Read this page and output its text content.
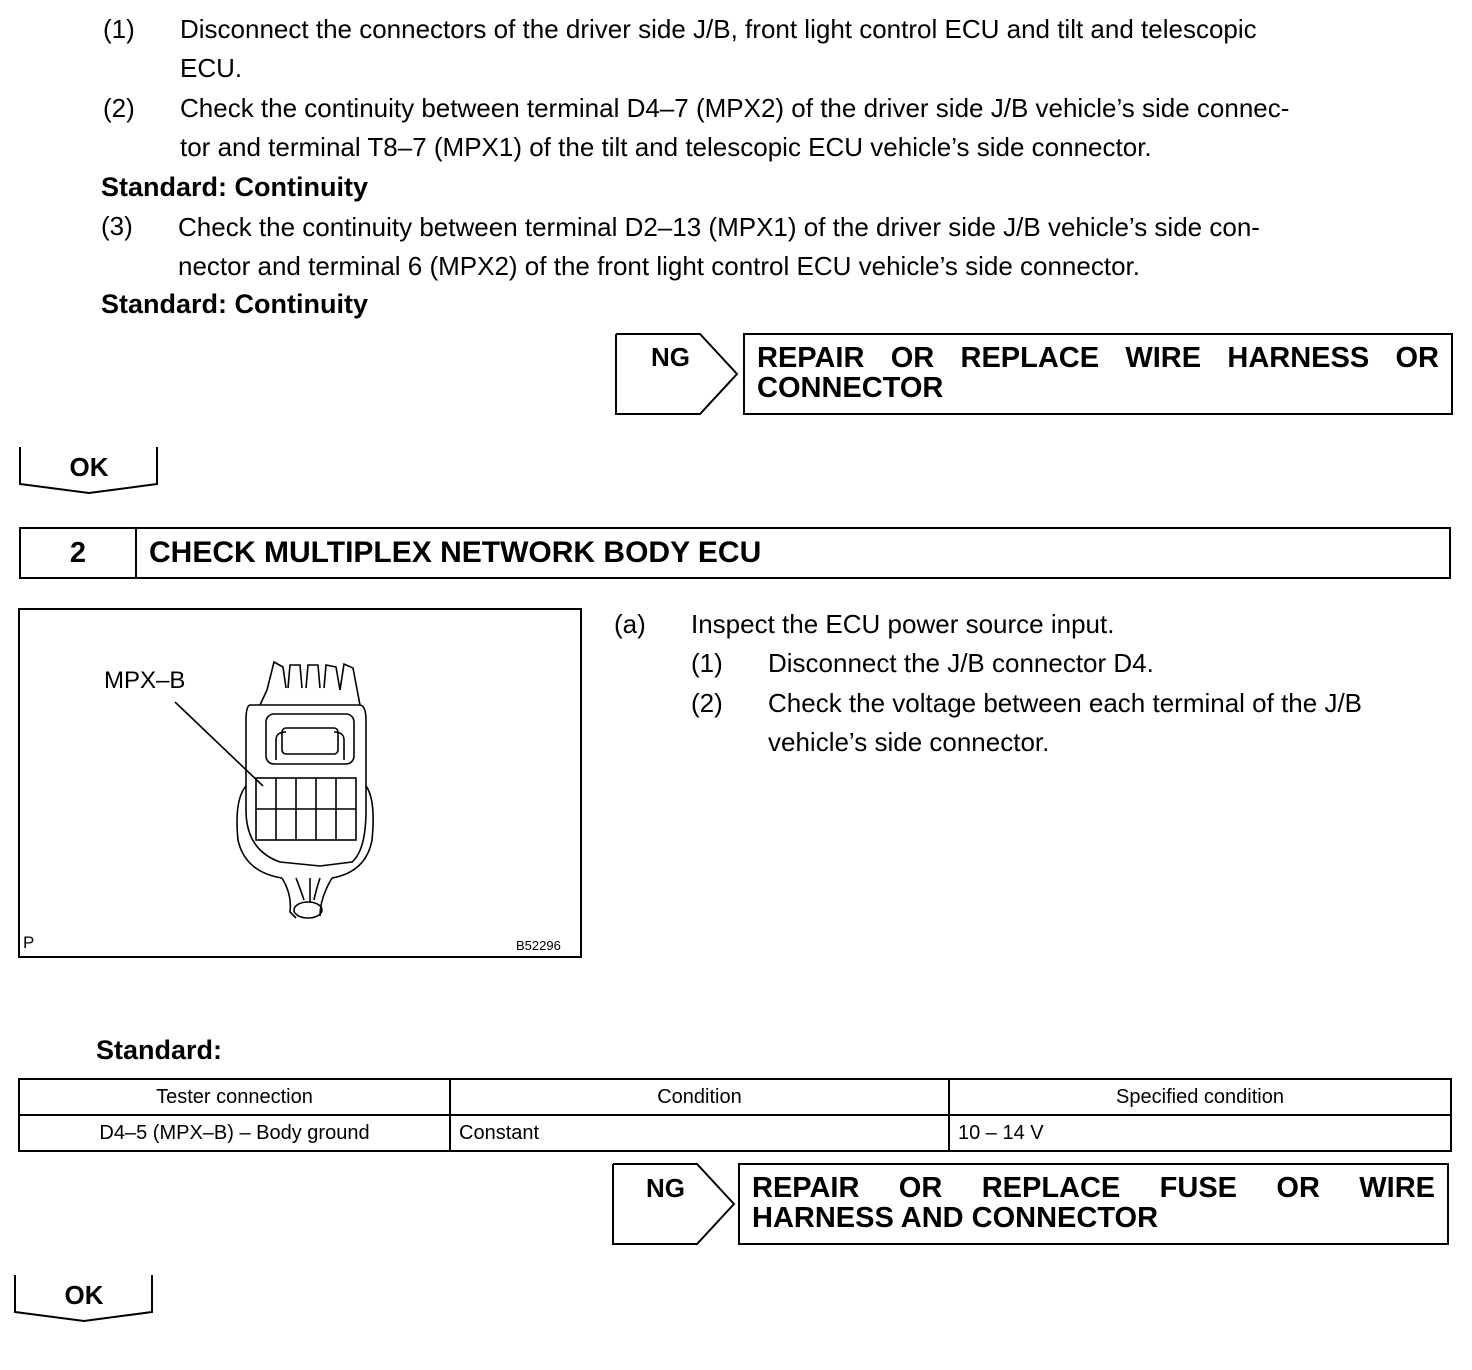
(1) Disconnect the connectors of the driver side J/B, front light control ECU and tilt and telescopic
ECU.
(2) Check the continuity between terminal D4–7 (MPX2) of the driver side J/B vehicle’s side connec-
tor and terminal T8–7 (MPX1) of the tilt and telescopic ECU vehicle’s side connector.
Standard: Continuity
(3) Check the continuity between terminal D2–13 (MPX1) of the driver side J/B vehicle’s side con-
nector and terminal 6 (MPX2) of the front light control ECU vehicle’s side connector.
Standard: Continuity
NG REPAIR OR REPLACE WIRE HARNESS OR
CONNECTOR
OK
2	CHECK MULTIPLEX NETWORK BODY ECU
MPX–B
P	B52296
(a) Inspect the ECU power source input.
(1) Disconnect the J/B connector D4.
(2) Check the voltage between each terminal of the J/B
vehicle’s side connector.
Standard:
Tester connection	Condition	Specified condition
D4–5 (MPX–B) – Body ground	Constant	10 – 14 V
NG REPAIR OR REPLACE FUSE OR WIRE
HARNESS AND CONNECTOR
OK
